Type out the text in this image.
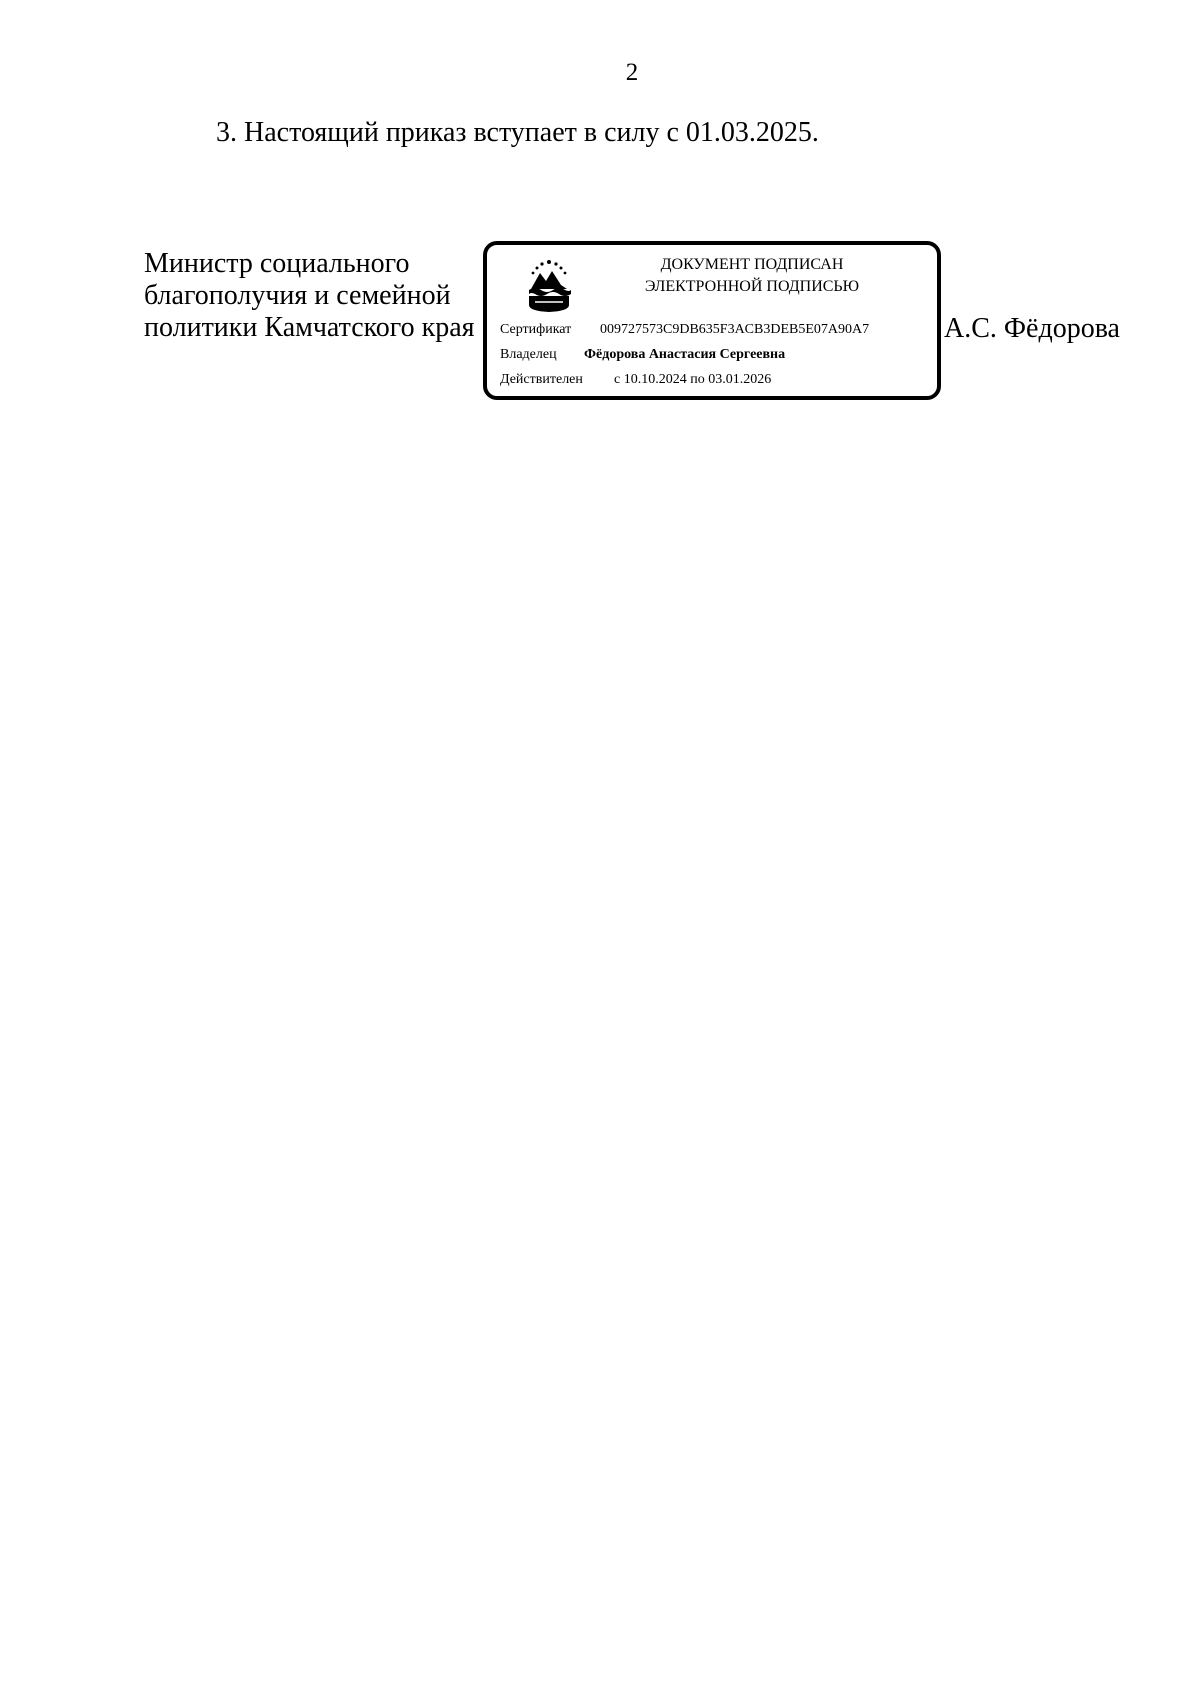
2
3. Настоящий приказ вступает в силу с 01.03.2025.
Министр социального
благополучия и семейной
политики Камчатского края
ДОКУМЕНТ ПОДПИСАН
ЭЛЕКТРОННОЙ ПОДПИСЬЮ
Сертификат 009727573C9DB635F3ACB3DEB5E07A90A7
Владелец Фёдорова Анастасия Сергеевна
Действителен с 10.10.2024 по 03.01.2026
А.С. Фёдорова
